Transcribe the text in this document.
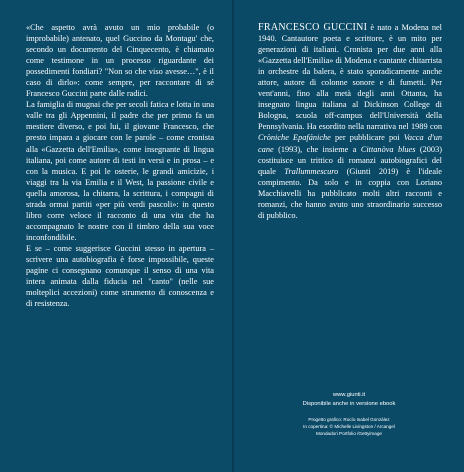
«Che aspetto avrà avuto un mio probabile (o improbabile) antenato, quel Guccino da Montagu' che, secondo un documento del Cinquecento, è chiamato come testimone in un processo riguardante dei possedimenti fondiari? "Non so che viso avesse…", è il caso di dirlo»: come sempre, per raccontare di sé Francesco Guccini parte dalle radici.

La famiglia di mugnai che per secoli fatica e lotta in una valle tra gli Appennini, il padre che per primo fa un mestiere diverso, e poi lui, il giovane Francesco, che presto impara a giocare con le parole – come cronista alla «Gazzetta dell'Emilia», come insegnante di lingua italiana, poi come autore di testi in versi e in prosa – e con la musica. E poi le osterie, le grandi amicizie, i viaggi tra la via Emilia e il West, la passione civile e quella amorosa, la chitarra, la scrittura, i compagni di strada ormai partiti «per più verdi pascoli»: in questo libro corre veloce il racconto di una vita che ha accompagnato le nostre con il timbro della sua voce inconfondibile.

E se – come suggerisce Guccini stesso in apertura – scrivere una autobiografia è forse impossibile, queste pagine ci consegnano comunque il senso di una vita intera animata dalla fiducia nel "canto" (nelle sue molteplici accezioni) come strumento di conoscenza e di resistenza.

FRANCESCO GUCCINI è nato a Modena nel 1940. Cantautore poeta e scrittore, è un mito per generazioni di italiani. Cronista per due anni alla «Gazzetta dell'Emilia» di Modena e cantante chitarrista in orchestre da balera, è stato sporadicamente anche attore, autore di colonne sonore e di fumetti. Per vent'anni, fino alla metà degli anni Ottanta, ha insegnato lingua italiana al Dickinson College di Bologna, scuola off-campus dell'Università della Pennsylvania. Ha esordito nella narrativa nel 1989 con Cròniche Epafániche per pubblicare poi Vacca d'un cane (1993), che insieme a Cittanòva blues (2003) costituisce un trittico di romanzi autobiografici del quale Trallummescuro (Giunti 2019) è l'ideale compimento. Da solo e in coppia con Loriano Macchiavelli ha pubblicato molti altri racconti e romanzi, che hanno avuto uno straordinario successo di pubblico.
www.giunti.it
Disponibile anche in versione ebook
Progetto grafico: Rocío Isabel González
In copertina: © Michelle Livingston / Arcangel
Mondadori Portfolio /Gettyimage
